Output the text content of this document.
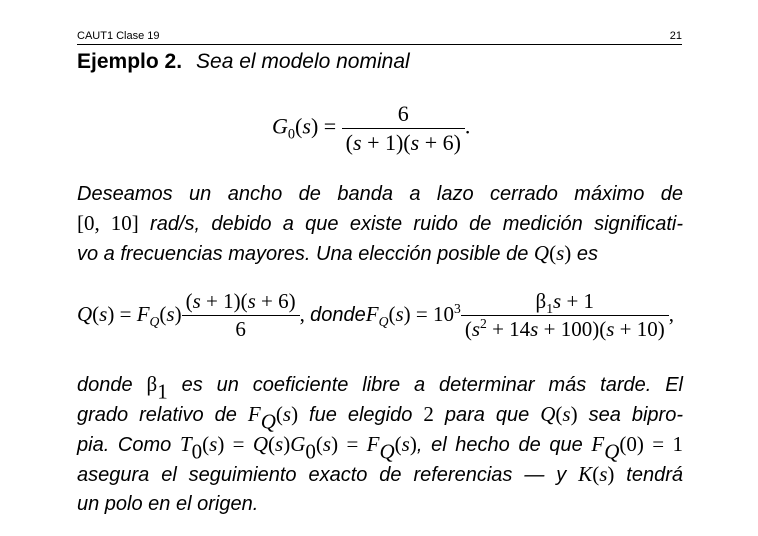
CAUT1 Clase 19	21
Ejemplo 2. Sea el modelo nominal
$G_0(s) = \frac{6}{(s + 1)(s + 6)}$ .
Deseamos un ancho de banda a lazo cerrado máximo de
[0, 10] rad/s, debido a que existe ruido de medición significati-
vo a frecuencias mayores. Una elección posible de Q(s) es
$Q(s) = F_Q(s) \frac{(s + 1)(s + 6)}{6}$ , dondeF$_Q$(s) = $10^3 \frac{\beta_1s + 1}{(s^2 + 14s + 100)(s + 10)}$ ,
donde $\beta_1$ es un coeficiente libre a determinar más tarde. El
grado relativo de $F_Q(s)$ fue elegido 2 para que Q(s) sea bipro-
pia. Como $T_0(s) = Q(s)G_0(s) = F_Q(s)$, el hecho de que $F_Q(0) = 1$
asegura el seguimiento exacto de referencias — y K(s) tendrá
un polo en el origen.
